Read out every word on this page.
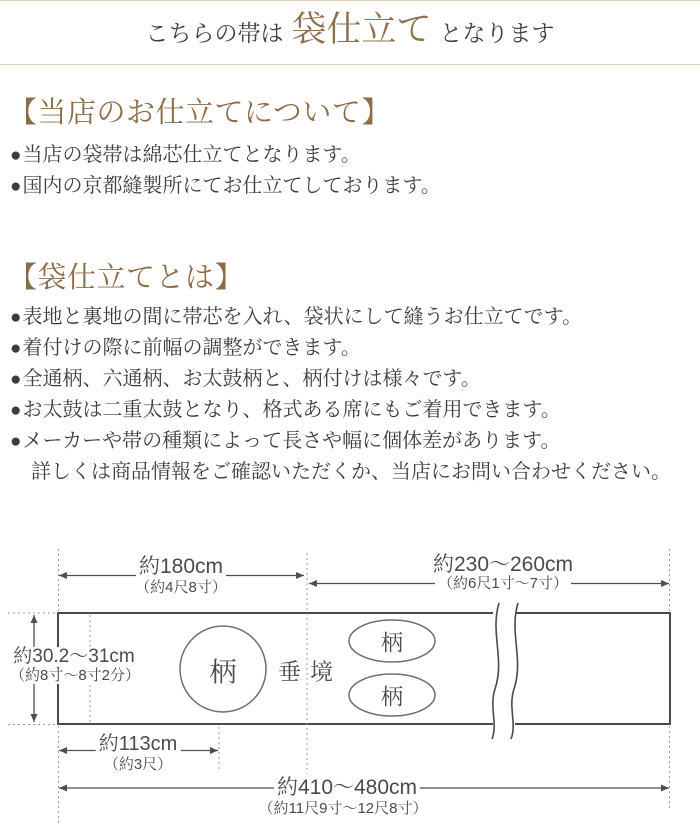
こちらの帯は 袋仕立て となります
【当店のお仕立てについて】
●当店の袋帯は綿芯仕立てとなります。
●国内の京都縫製所にてお仕立てしております。
【袋仕立てとは】
●表地と裏地の間に帯芯を入れ、袋状にして縫うお仕立てです。
●着付けの際に前幅の調整ができます。
●全通柄、六通柄、お太鼓柄と、柄付けは様々です。
●お太鼓は二重太鼓となり、格式ある席にもご着用できます。
●メーカーや帯の種類によって長さや幅に個体差があります。
詳しくは商品情報をご確認いただくか、当店にお問い合わせください。
約180cm
（約4尺8寸）
約230〜260cm
（約6尺1寸〜7寸）
約30.2〜31cm
（約8寸〜8寸2分）
約113cm
（約3尺）
約410〜480cm
（約11尺9寸〜12尺8寸）
柄
柄
柄
垂境
